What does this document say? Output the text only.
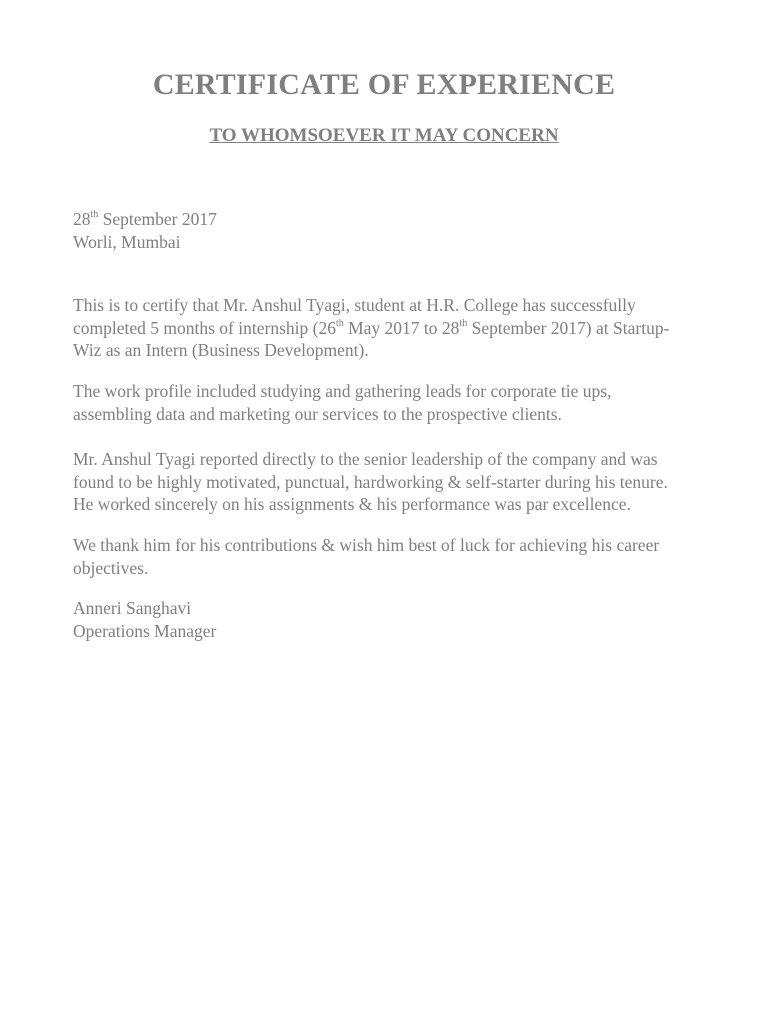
CERTIFICATE OF EXPERIENCE
TO WHOMSOEVER IT MAY CONCERN

28th September 2017

Worli, Mumbai

This is to certify that Mr. Anshul Tyagi, student at H.R. College has successfully

completed 5 months of internship (26th May 2017 to 28th September 2017) at Startup-

Wiz as an Intern (Business Development).

The work profile included studying and gathering leads for corporate tie ups,

assembling data and marketing our services to the prospective clients.

Mr. Anshul Tyagi reported directly to the senior leadership of the company and was

found to be highly motivated, punctual, hardworking & self-starter during his tenure.

He worked sincerely on his assignments & his performance was par excellence.

We thank him for his contributions & wish him best of luck for achieving his career

objectives.

Anneri Sanghavi

Operations Manager
